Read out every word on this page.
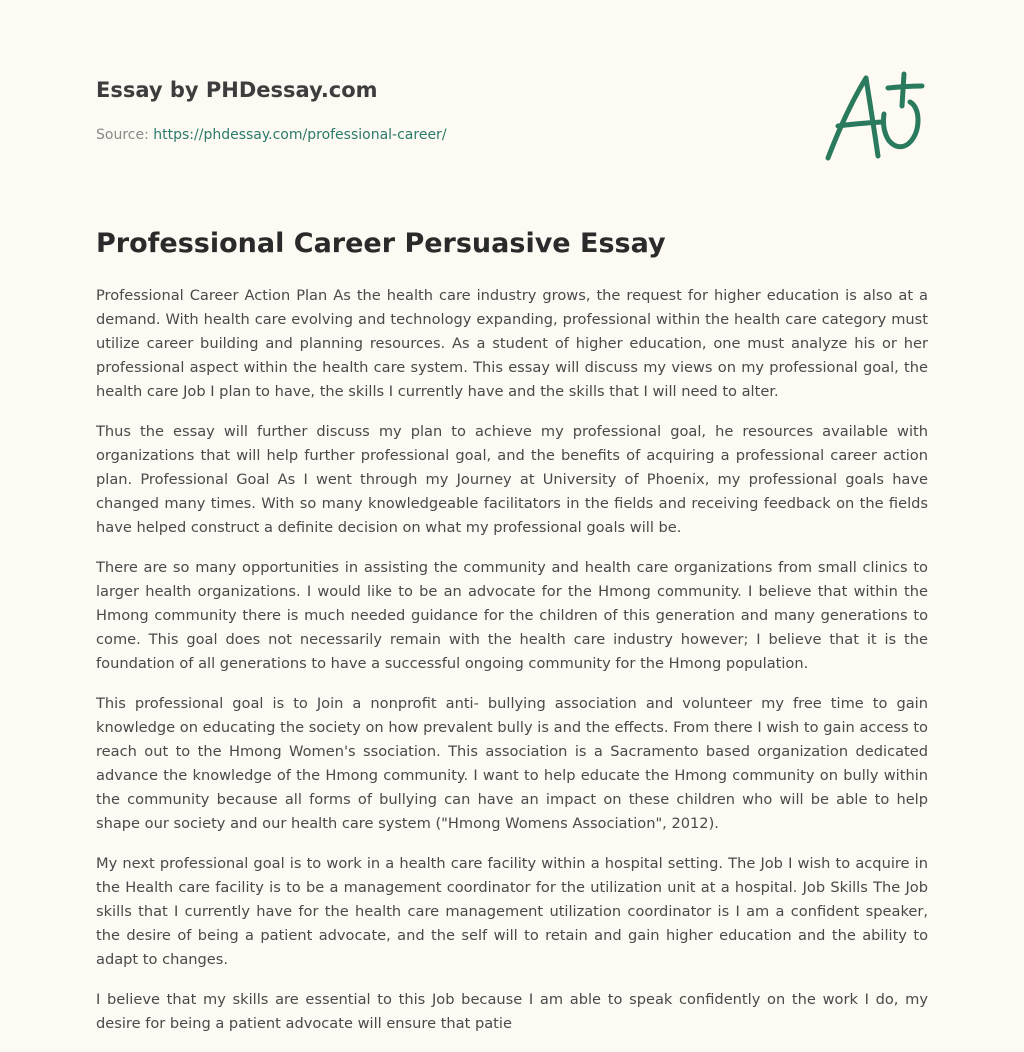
Essay by PHDessay.com
Source: https://phdessay.com/professional-career/
Professional Career Persuasive Essay

Professional Career Action Plan As the health care industry grows, the request for higher education is also at a demand. With health care evolving and technology expanding, professional within the health care category must utilize career building and planning resources. As a student of higher education, one must analyze his or her professional aspect within the health care system. This essay will discuss my views on my professional goal, the health care Job I plan to have, the skills I currently have and the skills that I will need to alter.

Thus the essay will further discuss my plan to achieve my professional goal, he resources available with organizations that will help further professional goal, and the benefits of acquiring a professional career action plan. Professional Goal As I went through my Journey at University of Phoenix, my professional goals have changed many times. With so many knowledgeable facilitators in the fields and receiving feedback on the fields have helped construct a definite decision on what my professional goals will be.

There are so many opportunities in assisting the community and health care organizations from small clinics to larger health organizations. I would like to be an advocate for the Hmong community. I believe that within the Hmong community there is much needed guidance for the children of this generation and many generations to come. This goal does not necessarily remain with the health care industry however; I believe that it is the foundation of all generations to have a successful ongoing community for the Hmong population.

This professional goal is to Join a nonprofit anti- bullying association and volunteer my free time to gain knowledge on educating the society on how prevalent bully is and the effects. From there I wish to gain access to reach out to the Hmong Women's ssociation. This association is a Sacramento based organization dedicated advance the knowledge of the Hmong community. I want to help educate the Hmong community on bully within the community because all forms of bullying can have an impact on these children who will be able to help shape our society and our health care system ("Hmong Womens Association", 2012).

My next professional goal is to work in a health care facility within a hospital setting. The Job I wish to acquire in the Health care facility is to be a management coordinator for the utilization unit at a hospital. Job Skills The Job skills that I currently have for the health care management utilization coordinator is I am a confident speaker, the desire of being a patient advocate, and the self will to retain and gain higher education and the ability to adapt to changes.

I believe that my skills are essential to this Job because I am able to speak confidently on the work I do, my desire for being a patient advocate will ensure that patie
